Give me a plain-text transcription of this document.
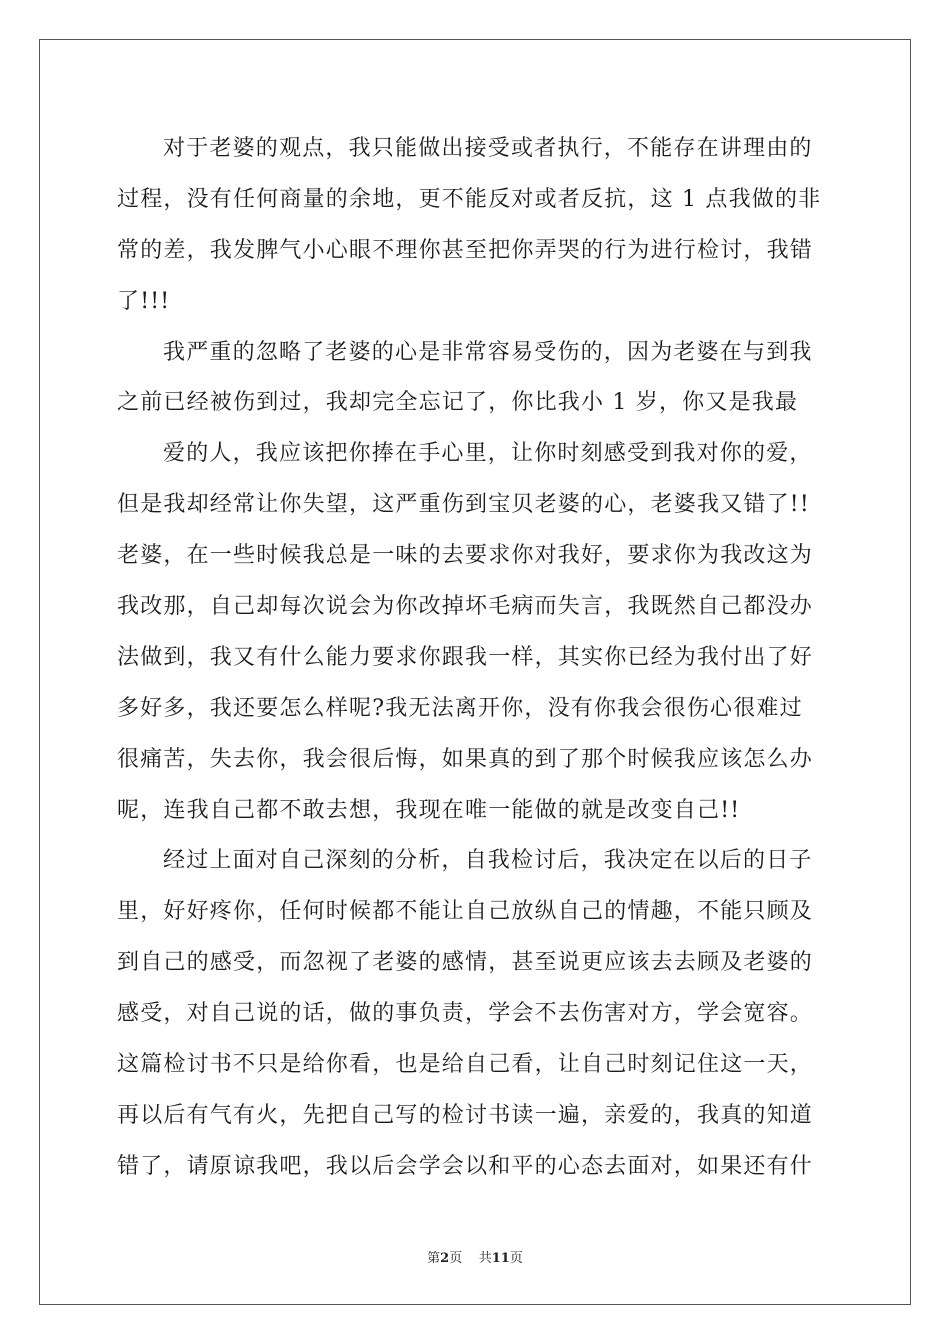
对于老婆的观点，我只能做出接受或者执行，不能存在讲理由的
过程，没有任何商量的余地，更不能反对或者反抗，这 1 点我做的非
常的差，我发脾气小心眼不理你甚至把你弄哭的行为进行检讨，我错
了!!!
我严重的忽略了老婆的心是非常容易受伤的，因为老婆在与到我
之前已经被伤到过，我却完全忘记了，你比我小 1 岁，你又是我最
爱的人，我应该把你捧在手心里，让你时刻感受到我对你的爱，
但是我却经常让你失望，这严重伤到宝贝老婆的心，老婆我又错了!!
老婆，在一些时候我总是一味的去要求你对我好，要求你为我改这为
我改那，自己却每次说会为你改掉坏毛病而失言，我既然自己都没办
法做到，我又有什么能力要求你跟我一样，其实你已经为我付出了好
多好多，我还要怎么样呢?我无法离开你，没有你我会很伤心很难过
很痛苦，失去你，我会很后悔，如果真的到了那个时候我应该怎么办
呢，连我自己都不敢去想，我现在唯一能做的就是改变自己!!
经过上面对自己深刻的分析，自我检讨后，我决定在以后的日子
里，好好疼你，任何时候都不能让自己放纵自己的情趣，不能只顾及
到自己的感受，而忽视了老婆的感情，甚至说更应该去去顾及老婆的
感受，对自己说的话，做的事负责，学会不去伤害对方，学会宽容。
这篇检讨书不只是给你看，也是给自己看，让自己时刻记住这一天，
再以后有气有火，先把自己写的检讨书读一遍，亲爱的，我真的知道
错了，请原谅我吧，我以后会学会以和平的心态去面对，如果还有什
第2页 共11页
